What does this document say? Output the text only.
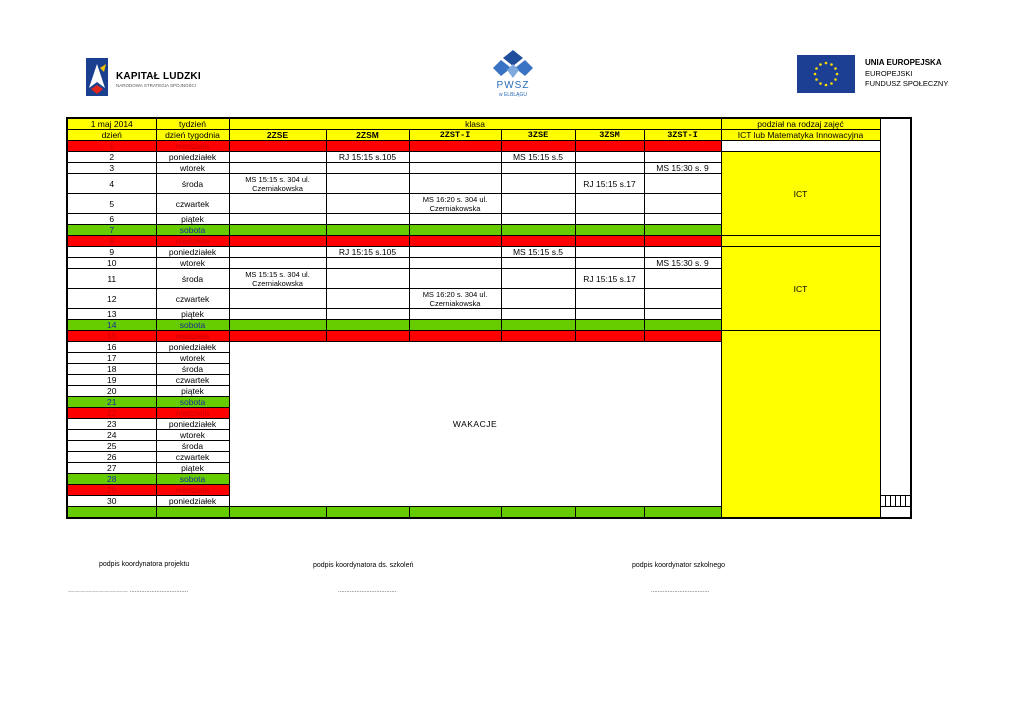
KAPITAŁ LUDZKI
NARODOWA STRATEGIA SPÓJNOŚCI	PWSZ
w ELBLĄGU
UNIA EUROPEJSKA
EUROPEJSKI
FUNDUSZ SPOŁECZNY
1 maj 2014	tydzień	klasa						podział na rodzaj zajęć						
dzień	dzień tygodnia	2ZSE	2ZSM	2ZST-I	3ZSE	3ZSM	3ZST-I	ICT lub Matematyka Innowacyjna						
1	niedziela													
2	poniedziałek		RJ 15:15 s.105		MS 15:15 s.5			ICT						
3	wtorek						MS 15:30 s. 9							
4	środa	MS 15:15 s. 304 ul. Czerniakowska				RJ 15:15 s.17								
5	czwartek			MS 16:20 s. 304 ul. Czerniakowska										
6	piątek													
7	sobota													
8	niedziela													
9	poniedziałek		RJ 15:15 s.105		MS 15:15 s.5			ICT						
10	wtorek						MS 15:30 s. 9							
11	środa	MS 15:15 s. 304 ul. Czerniakowska				RJ 15:15 s.17								
12	czwartek			MS 16:20 s. 304 ul. Czerniakowska										
13	piątek													
14	sobota													
15	niedziela													
16	poniedziałek	WAKACJE												
17	wtorek													
18	środa													
19	czwartek													
20	piątek													
21	sobota													
22	niedziela													
23	poniedziałek													
24	wtorek													
25	środa													
26	czwartek													
27	piątek													
28	sobota													
29	niedziela													
30	poniedziałek													

podpis koordynatora projektu	podpis koordynatora ds. szkoleń	podpis koordynator szkolnego
………………………… ...................................	...................................	...................................
